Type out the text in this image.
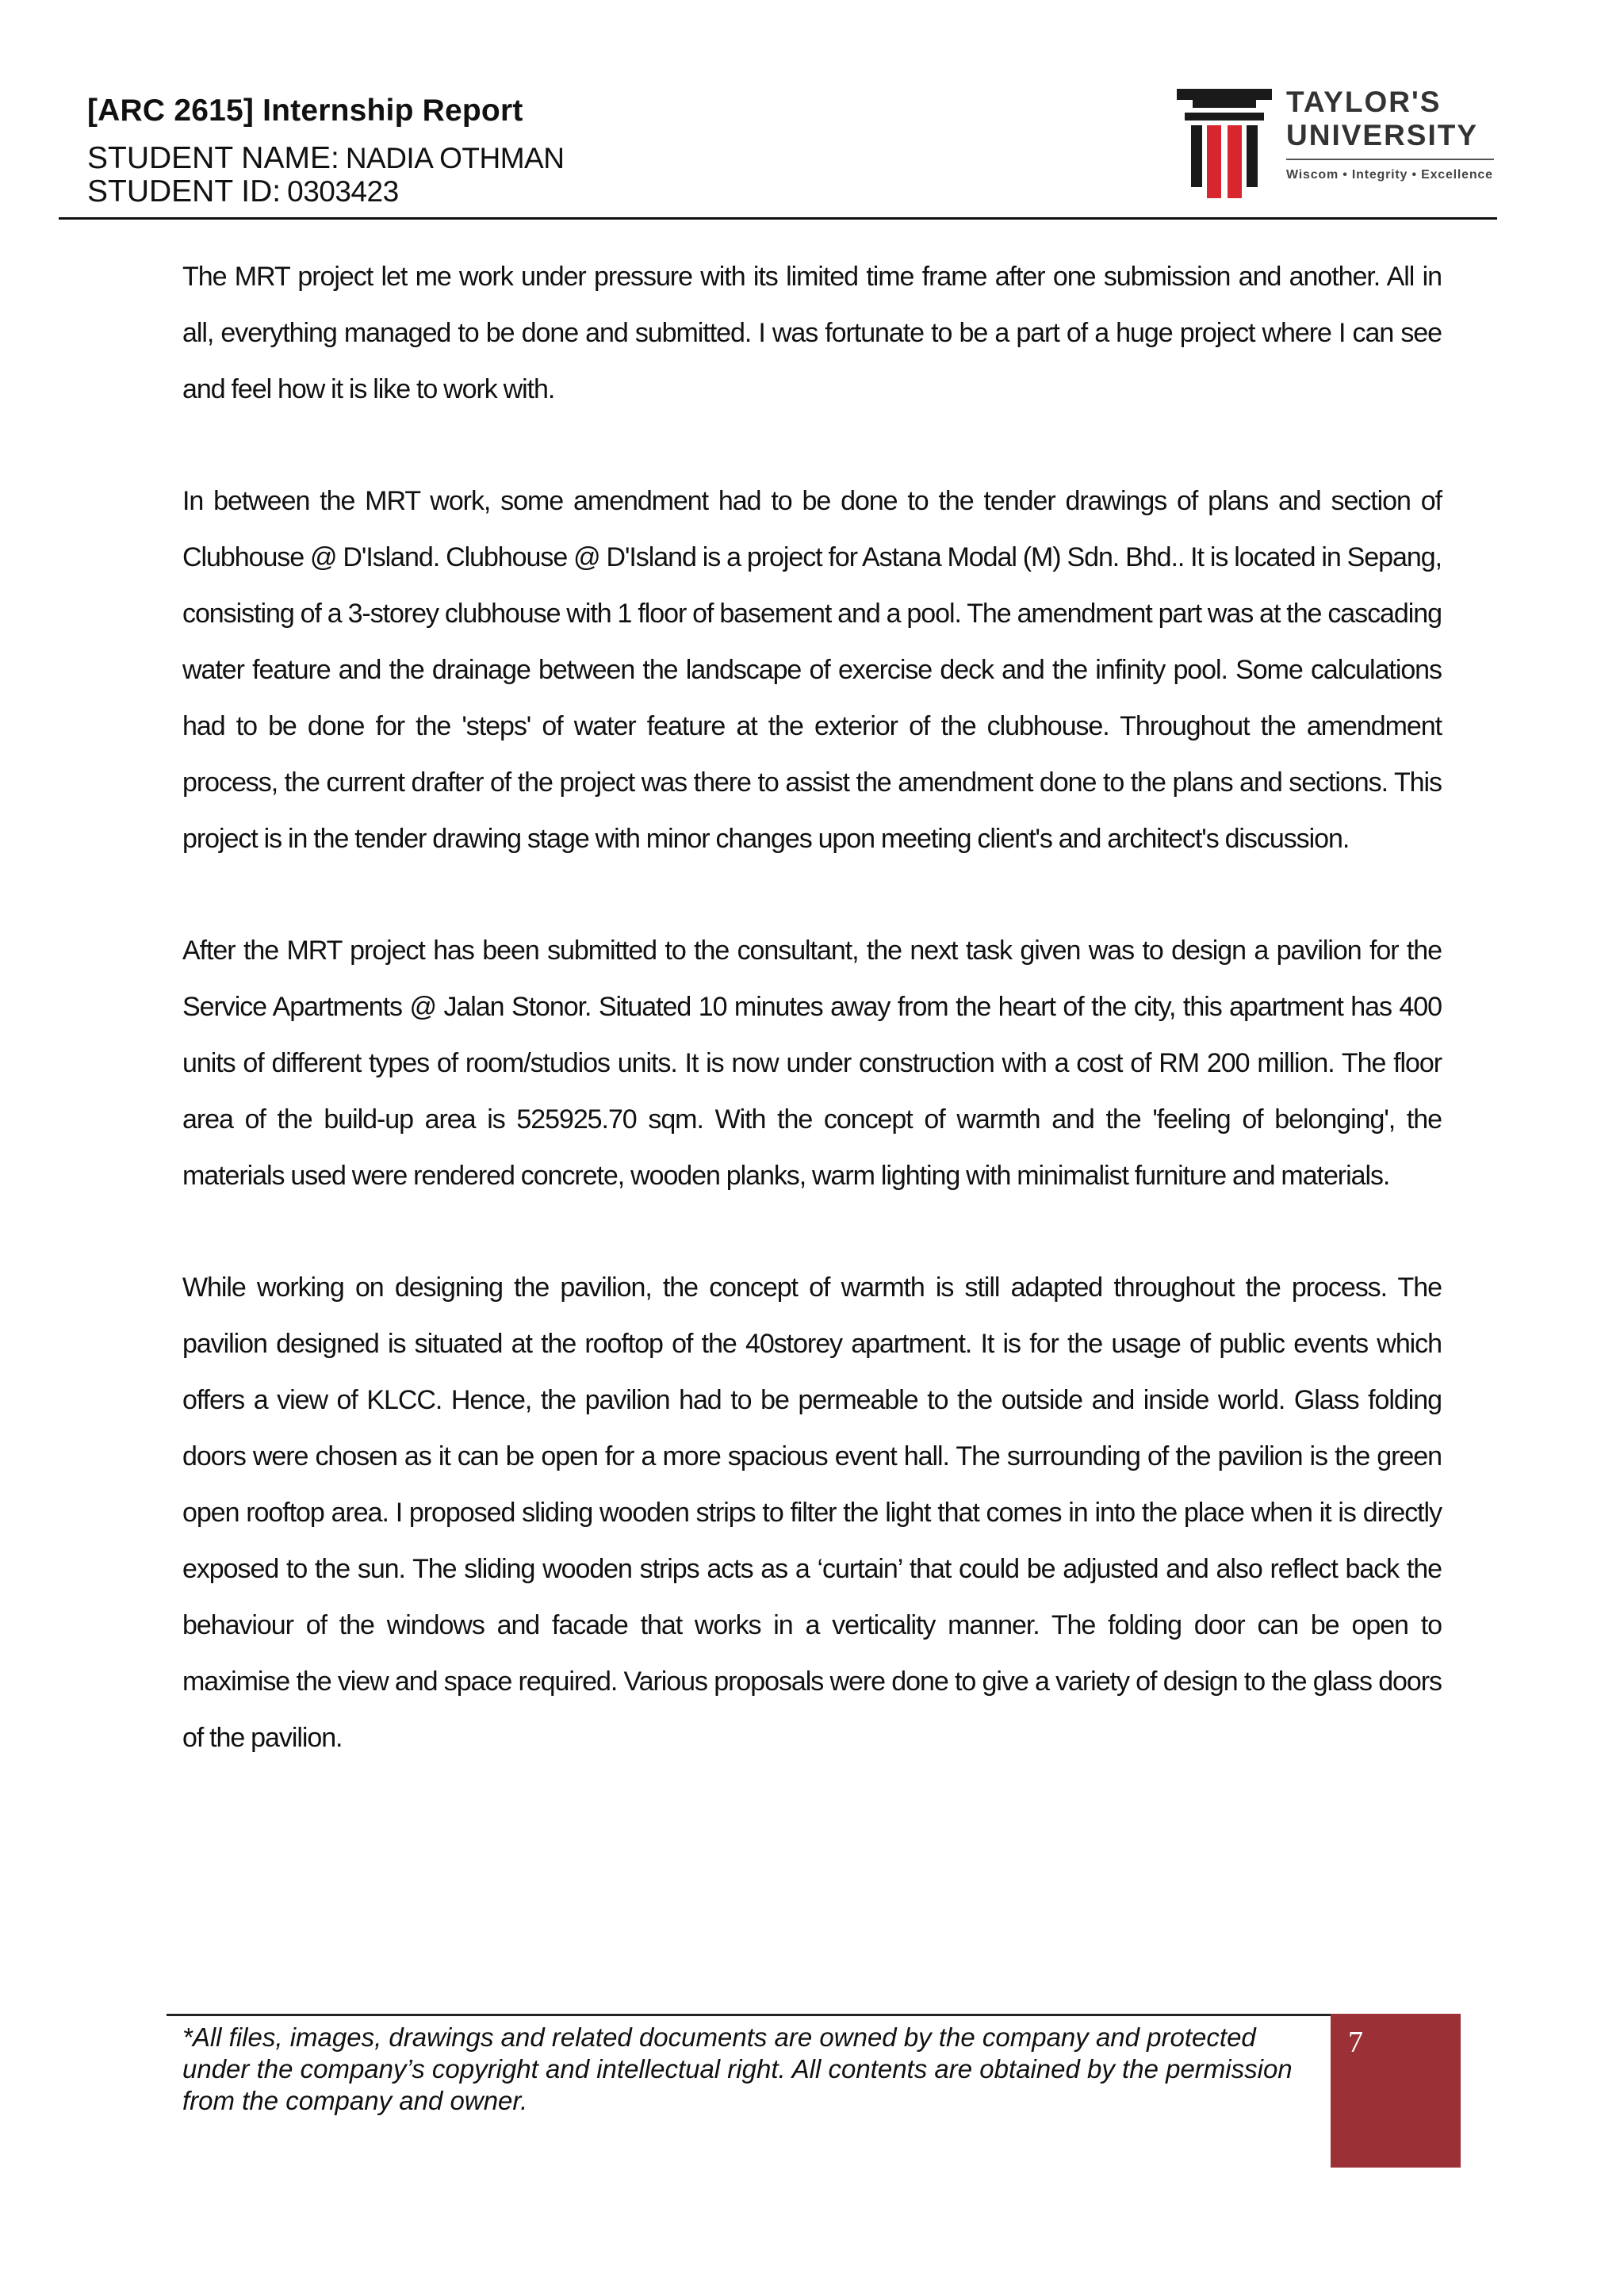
[ARC 2615] Internship Report
STUDENT NAME: NADIA OTHMAN
STUDENT ID: 0303423
TAYLOR'S
UNIVERSITY
Wiscom • Integrity • Excellence

The MRT project let me work under pressure with its limited time frame after one submission and another. All in all, everything managed to be done and submitted. I was fortunate to be a part of a huge project where I can see and feel how it is like to work with.

In between the MRT work, some amendment had to be done to the tender drawings of plans and section of Clubhouse @ D'Island. Clubhouse @ D'Island is a project for Astana Modal (M) Sdn. Bhd.. It is located in Sepang, consisting of a 3-storey clubhouse with 1 floor of basement and a pool. The amendment part was at the cascading water feature and the drainage between the landscape of exercise deck and the infinity pool. Some calculations had to be done for the 'steps' of water feature at the exterior of the clubhouse. Throughout the amendment process, the current drafter of the project was there to assist the amendment done to the plans and sections. This project is in the tender drawing stage with minor changes upon meeting client's and architect's discussion.

After the MRT project has been submitted to the consultant, the next task given was to design a pavilion for the Service Apartments @ Jalan Stonor. Situated 10 minutes away from the heart of the city, this apartment has 400 units of different types of room/studios units. It is now under construction with a cost of RM 200 million. The floor area of the build-up area is 525925.70 sqm. With the concept of warmth and the 'feeling of belonging', the materials used were rendered concrete, wooden planks, warm lighting with minimalist furniture and materials.

While working on designing the pavilion, the concept of warmth is still adapted throughout the process. The pavilion designed is situated at the rooftop of the 40storey apartment. It is for the usage of public events which offers a view of KLCC. Hence, the pavilion had to be permeable to the outside and inside world. Glass folding doors were chosen as it can be open for a more spacious event hall. The surrounding of the pavilion is the green open rooftop area. I proposed sliding wooden strips to filter the light that comes in into the place when it is directly exposed to the sun. The sliding wooden strips acts as a ‘curtain’ that could be adjusted and also reflect back the behaviour of the windows and facade that works in a verticality manner. The folding door can be open to maximise the view and space required. Various proposals were done to give a variety of design to the glass doors of the pavilion.

*All files, images, drawings and related documents are owned by the company and protected under the company’s copyright and intellectual right. All contents are obtained by the permission from the company and owner.
7
